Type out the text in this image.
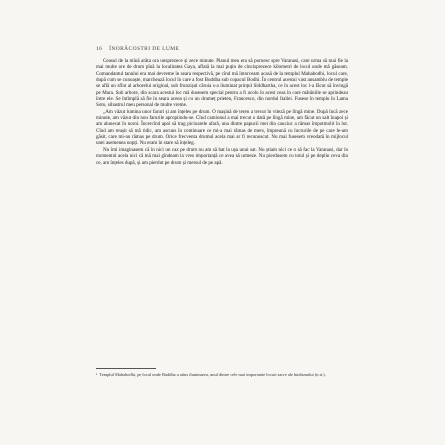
16 ÎNORÂCOSTRI DE LUME

Ceasul de la mînă arăta ora unsprezece și zece minute. Planul meu era să pornesc spre Varanasi, care urma să mai fie la mai multe ore de drum pînă la localitatea Gaya, aflată la mai puțin de cincisprezece kilometri de locul unde mă găseam. Comandantul tanului era mai devreme în seara respectivă, pe cînd mă întorceam acasă de la templul Mahabodhi, locul care, după cum se cunoaște, marchează locul în care a fost Buddha sub copacul Bodhi. În centrul acestui vast ansamblu de temple se află un sfînt al arborelui original, sub frunzișul căruia s-a iluminat prințul Siddhartha, ce în acest loc l-a făcut să învingă pe Mara. Sub arbore, din scara acestui loc mă dusesem special pentru a fi acolo în acest ceas în care mătăniile se aprindeau între ele. Se întîmplă să fie în seara aceea și cu un drumeț prieten, Francesco, din nordul Italiei. Fusese în templu în Lama Soto, sihastrul meu personal de multe vreme.

„Am văzut lumina unor faruri și am înțeles pe drum. O mașină de teren a trecut în viteză pe lîngă mine. După încă zece minute, am văzut din nou farurile apropiindu-se. Cînd camionul a mai trecut o dată pe lîngă mine, am făcut un salt înapoi și am alunecat în noroi. Încercînd apoi să trag picioarele afară, una dintre papucii mei din cauciuc a rămas împotmolit în lut. Cînd am reușit să mă ridic, am ascuns în continuare ce mi-a mai rămas de mers, împreună cu lucrurile de pe care le-am găsit, care mi-au rămas pe drum. Orice frecventa drumul acela mai ar fi recunoscut. Nu mai fusesem vreodată în mijlocul unei asemenea nopți. Nu eram în stare să înțeleg.

Nu îmi imaginasem că în nici un caz pe drum nu am să bat la ușa unui sat. Nu știam nici ce o să fac la Varanasi, dar în momentul acela nici că mă mai gîndeam la vreo importanță ce avea să urmeze. Nu pierdusem cu totul și pe deplin ceva din ce, am înțeles după, și am pierdut pe drum și mersul de pe apă.

¹ Templul Mahabodhi, pe locul unde Buddha a atins iluminarea, unul dintre cele mai importante locuri sacre ale budismului (n.tr.).
